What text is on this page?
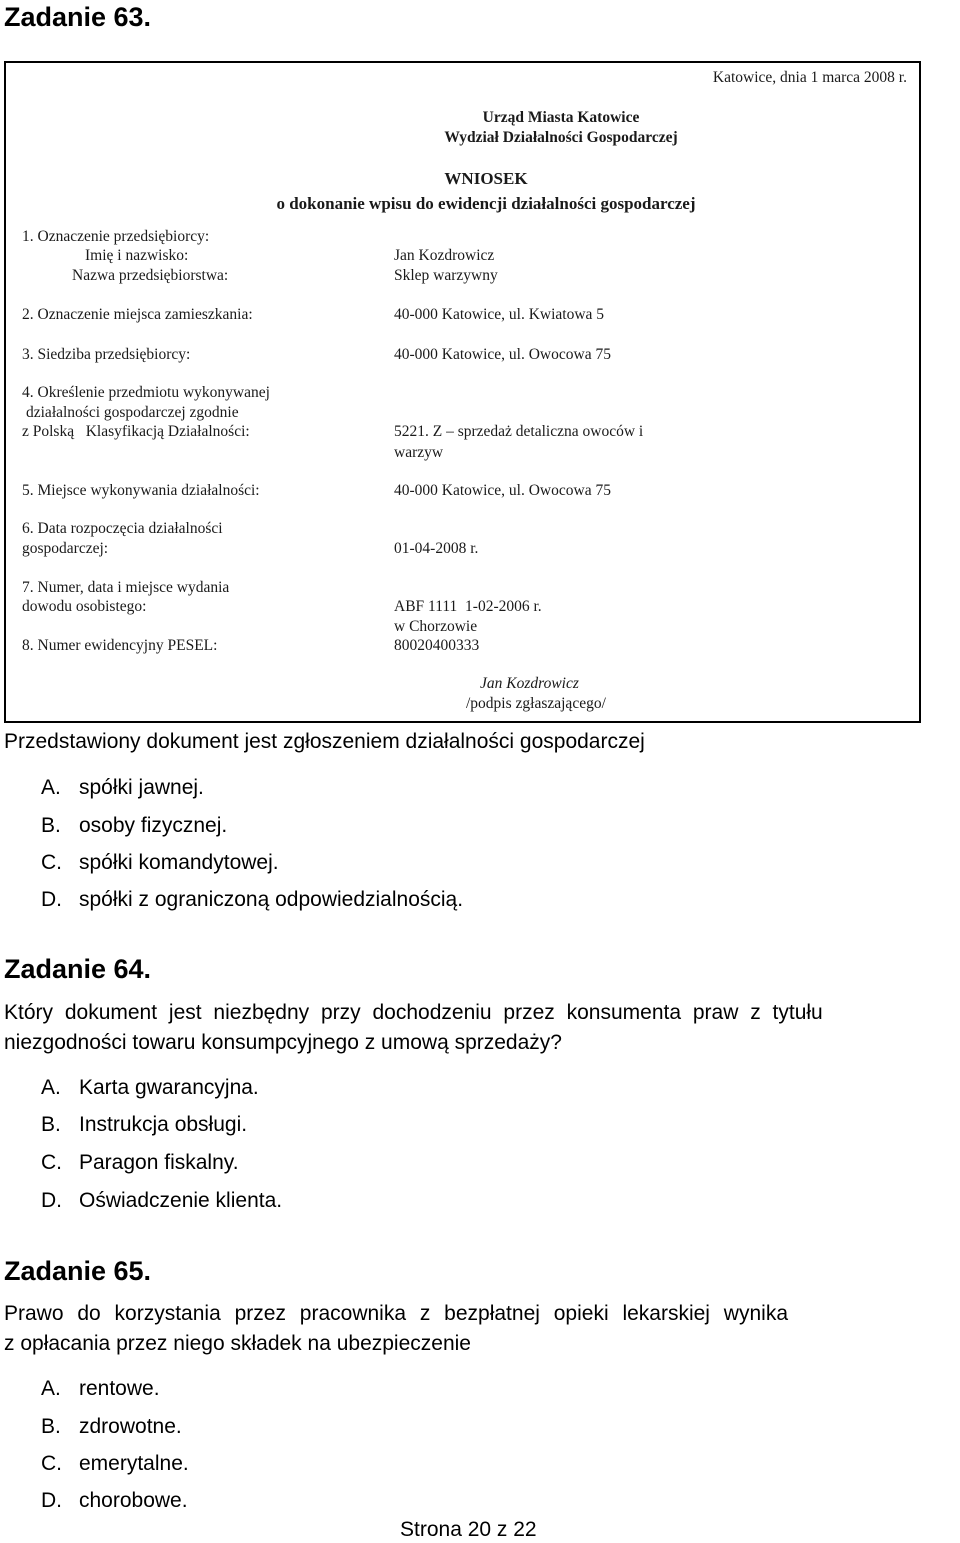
Zadanie 63.
Katowice, dnia 1 marca 2008 r.
Urząd Miasta Katowice
Wydział Działalności Gospodarczej
WNIOSEK
o dokonanie wpisu do ewidencji działalności gospodarczej
1. Oznaczenie przedsiębiorcy:
Imię i nazwisko:	Jan Kozdrowicz
Nazwa przedsiębiorstwa:	Sklep warzywny
2. Oznaczenie miejsca zamieszkania:	40-000 Katowice, ul. Kwiatowa 5
3. Siedziba przedsiębiorcy:	40-000 Katowice, ul. Owocowa 75
4. Określenie przedmiotu wykonywanej
działalności gospodarczej zgodnie
z Polską   Klasyfikacją Działalności:	5221. Z – sprzedaż detaliczna owoców i
warzyw
5. Miejsce wykonywania działalności:	40-000 Katowice, ul. Owocowa 75
6. Data rozpoczęcia działalności
gospodarczej:	01-04-2008 r.
7. Numer, data i miejsce wydania
dowodu osobistego:	ABF 1111  1-02-2006 r.
w Chorzowie
8. Numer ewidencyjny PESEL:	80020400333
Jan Kozdrowicz
/podpis zgłaszającego/
Przedstawiony dokument jest zgłoszeniem działalności gospodarczej
A. spółki jawnej.
B. osoby fizycznej.
C. spółki komandytowej.
D. spółki z ograniczoną odpowiedzialnością.
Zadanie 64.
Który dokument jest niezbędny przy dochodzeniu przez konsumenta praw z tytułu
niezgodności towaru konsumpcyjnego z umową sprzedaży?
A. Karta gwarancyjna.
B. Instrukcja obsługi.
C. Paragon fiskalny.
D. Oświadczenie klienta.
Zadanie 65.
Prawo do korzystania przez pracownika z bezpłatnej opieki lekarskiej wynika
z opłacania przez niego składek na ubezpieczenie
A. rentowe.
B. zdrowotne.
C. emerytalne.
D. chorobowe.
Strona 20 z 22
